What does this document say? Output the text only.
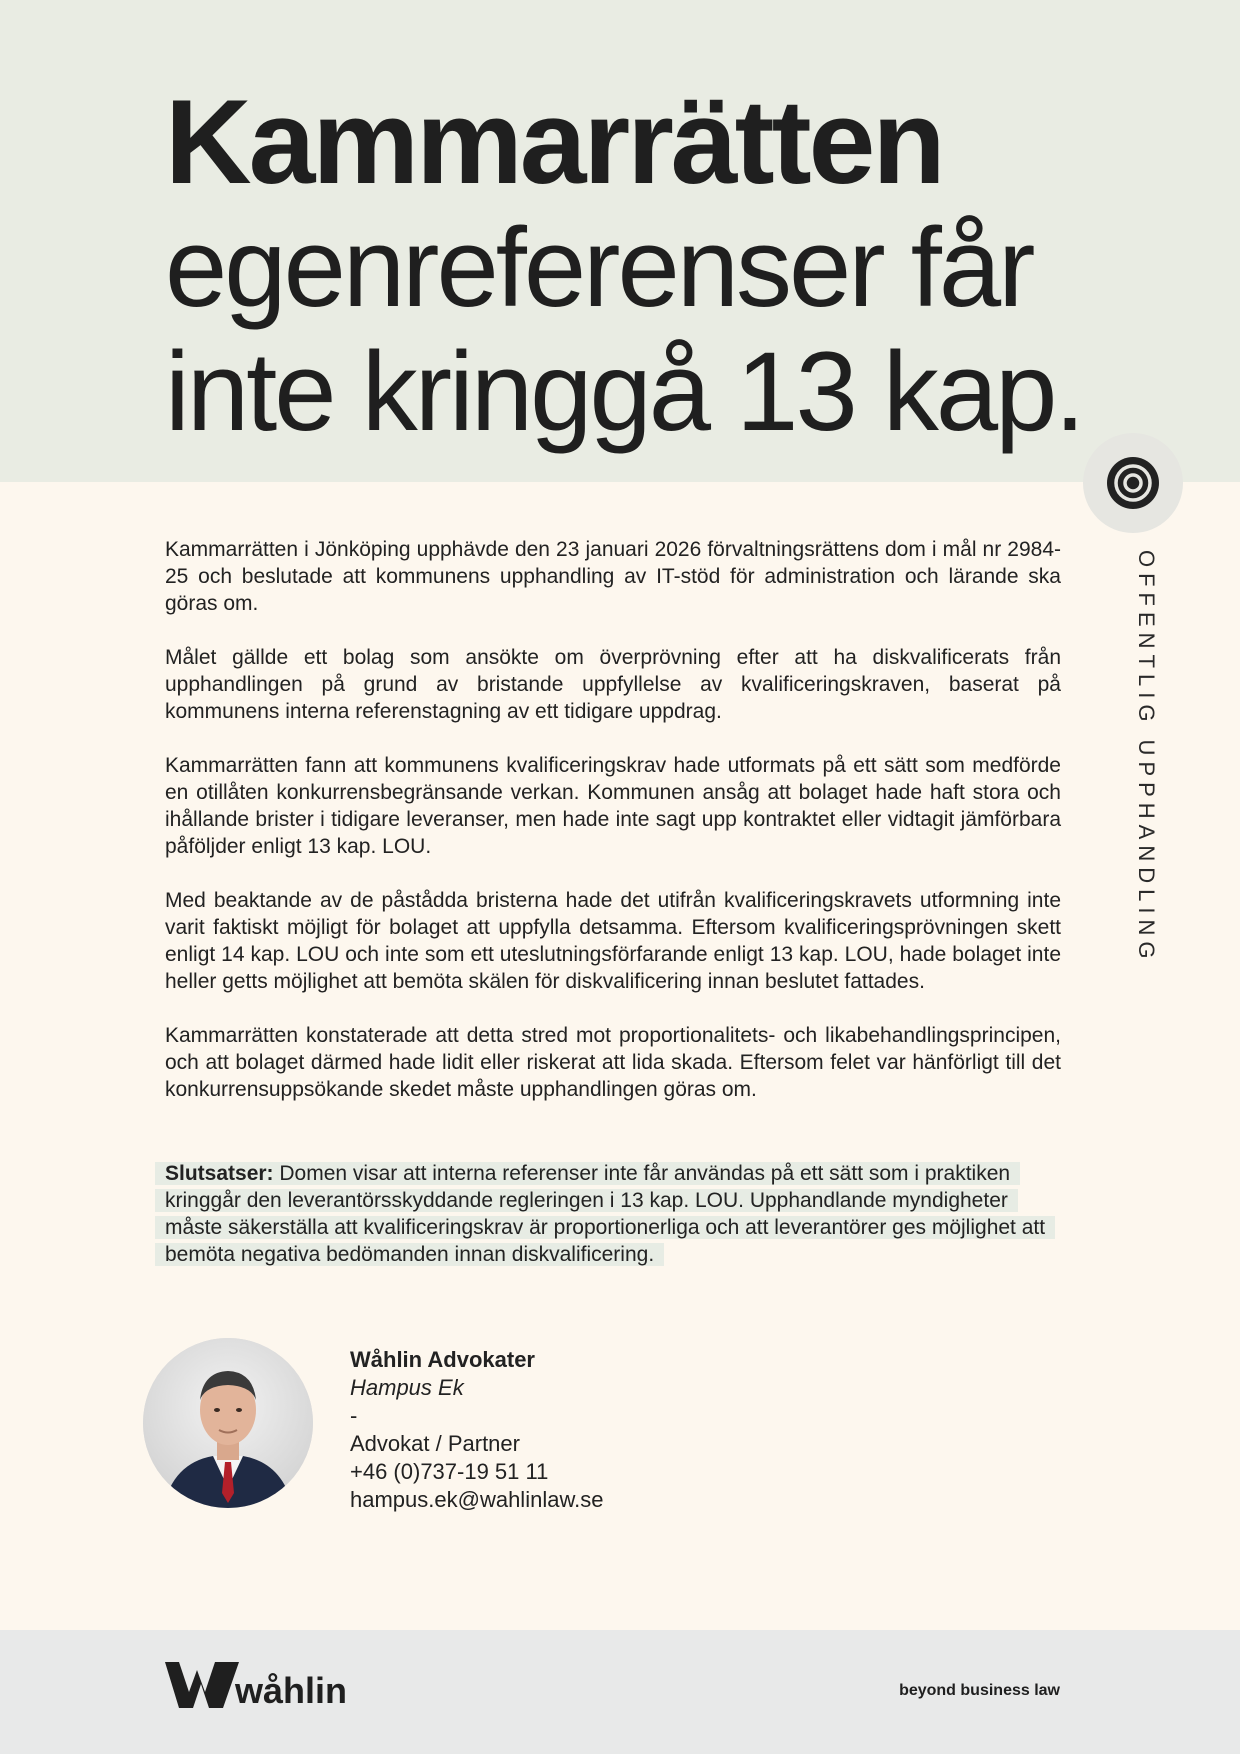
Kammarrätten
egenreferenser får
inte kringgå 13 kap.
OFFENTLIG UPPHANDLING

Kammarrätten i Jönköping upphävde den 23 januari 2026 förvaltningsrättens dom i mål nr 2984-25 och beslutade att kommunens upphandling av IT-stöd för administration och lärande ska göras om.

Målet gällde ett bolag som ansökte om överprövning efter att ha diskvalificerats från upphandlingen på grund av bristande uppfyllelse av kvalificeringskraven, baserat på kommunens interna referenstagning av ett tidigare uppdrag.

Kammarrätten fann att kommunens kvalificeringskrav hade utformats på ett sätt som medförde en otillåten konkurrensbegränsande verkan. Kommunen ansåg att bolaget hade haft stora och ihållande brister i tidigare leveranser, men hade inte sagt upp kontraktet eller vidtagit jämförbara påföljder enligt 13 kap. LOU.

Med beaktande av de påstådda bristerna hade det utifrån kvalificeringskravets utformning inte varit faktiskt möjligt för bolaget att uppfylla detsamma. Eftersom kvalificeringsprövningen skett enligt 14 kap. LOU och inte som ett uteslutningsförfarande enligt 13 kap. LOU, hade bolaget inte heller getts möjlighet att bemöta skälen för diskvalificering innan beslutet fattades.

Kammarrätten konstaterade att detta stred mot proportionalitets- och likabehandlingsprincipen, och att bolaget därmed hade lidit eller riskerat att lida skada. Eftersom felet var hänförligt till det konkurrensuppsökande skedet måste upphandlingen göras om.

Slutsatser: Domen visar att interna referenser inte får användas på ett sätt som i praktiken kringgår den leverantörsskyddande regleringen i 13 kap. LOU. Upphandlande myndigheter måste säkerställa att kvalificeringskrav är proportionerliga och att leverantörer ges möjlighet att bemöta negativa bedömanden innan diskvalificering.
Wåhlin Advokater
Hampus Ek
-
Advokat / Partner
+46 (0)737-19 51 11
hampus.ek@wahlinlaw.se
wåhlin	beyond business law
